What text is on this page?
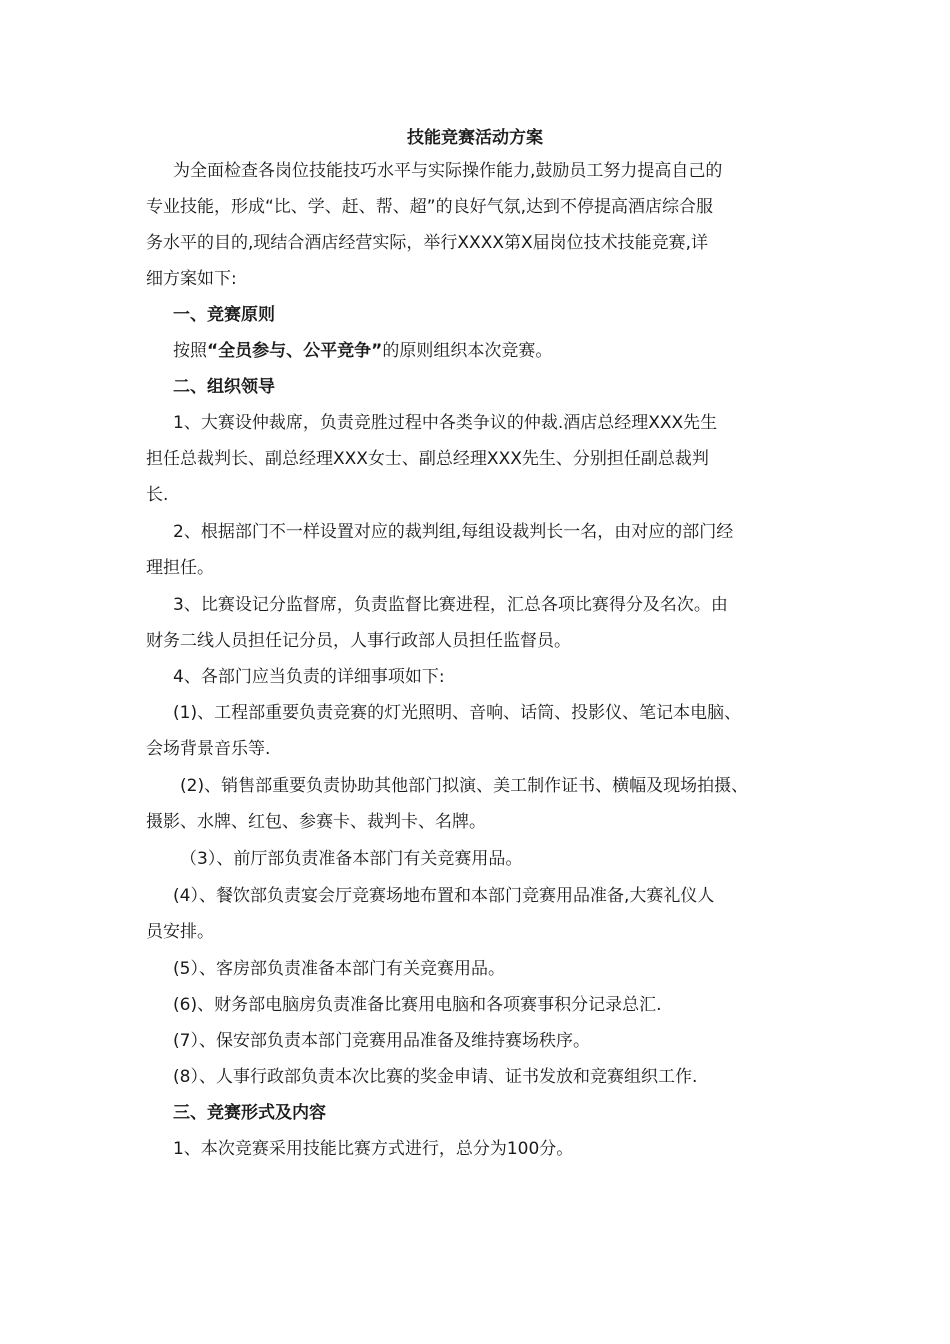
技能竞赛活动方案
为全面检查各岗位技能技巧水平与实际操作能力,鼓励员工努力提高自己的
专业技能，形成“比、学、赶、帮、超”的良好气氛,达到不停提高酒店综合服
务水平的目的,现结合酒店经营实际，举行XXXX第X届岗位技术技能竞赛,详
细方案如下:
一、竞赛原则
按照“全员参与、公平竞争”的原则组织本次竞赛。
二、组织领导
1、大赛设仲裁席，负责竞胜过程中各类争议的仲裁.酒店总经理XXX先生
担任总裁判长、副总经理XXX女士、副总经理XXX先生、分别担任副总裁判
长.
2、根据部门不一样设置对应的裁判组,每组设裁判长一名，由对应的部门经
理担任。
3、比赛设记分监督席，负责监督比赛进程，汇总各项比赛得分及名次。由
财务二线人员担任记分员，人事行政部人员担任监督员。
4、各部门应当负责的详细事项如下:
(1)、工程部重要负责竞赛的灯光照明、音响、话筒、投影仪、笔记本电脑、
会场背景音乐等.
(2)、销售部重要负责协助其他部门拟演、美工制作证书、横幅及现场拍摄、
摄影、水牌、红包、参赛卡、裁判卡、名牌。
（3）、前厅部负责准备本部门有关竞赛用品。
(4）、餐饮部负责宴会厅竞赛场地布置和本部门竞赛用品准备,大赛礼仪人
员安排。
(5）、客房部负责准备本部门有关竞赛用品。
(6)、财务部电脑房负责准备比赛用电脑和各项赛事积分记录总汇.
(7）、保安部负责本部门竞赛用品准备及维持赛场秩序。
(8）、人事行政部负责本次比赛的奖金申请、证书发放和竞赛组织工作.
三、竞赛形式及内容
1、本次竞赛采用技能比赛方式进行，总分为100分。
